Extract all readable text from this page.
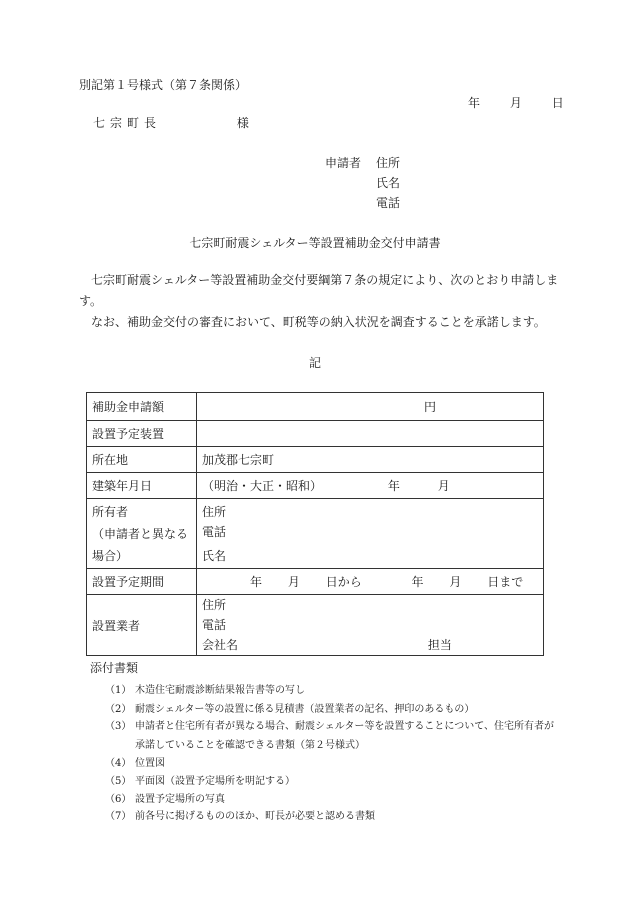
別記第１号様式（第７条関係）
年 月 日
七宗町長	様
申請者 住所
氏名
電話
七宗町耐震シェルター等設置補助金交付申請書
七宗町耐震シェルター等設置補助金交付要綱第７条の規定により、次のとおり申請します。
なお、補助金交付の審査において、町税等の納入状況を調査することを承諾します。
記
補助金申請額	円
設置予定装置	
所在地	加茂郡七宗町
建築年月日	（明治・大正・昭和） 年 月

所有者
（申請者と異なる
場合）	住所
電話
氏名

設置予定期間	年 月 日から 年 月 日まで
設置業者	住所
電話
会社名 担当
添付書類
（1） 木造住宅耐震診断結果報告書等の写し
（2） 耐震シェルター等の設置に係る見積書（設置業者の記名、押印のあるもの）
（3） 申請者と住宅所有者が異なる場合、耐震シェルター等を設置することについて、住宅所有者が
承諾していることを確認できる書類（第２号様式）
（4） 位置図
（5） 平面図（設置予定場所を明記する）
（6） 設置予定場所の写真
（7） 前各号に掲げるもののほか、町長が必要と認める書類
